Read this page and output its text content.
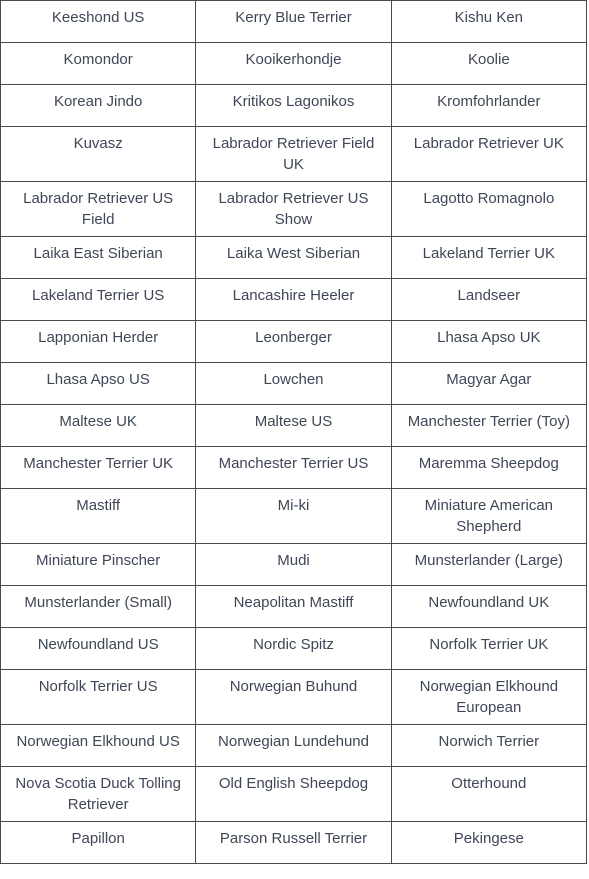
Keeshond US	Kerry Blue Terrier	Kishu Ken
Komondor	Kooikerhondje	Koolie
Korean Jindo	Kritikos Lagonikos	Kromfohrlander
Kuvasz	Labrador Retriever Field UK	Labrador Retriever UK
Labrador Retriever US Field	Labrador Retriever US Show	Lagotto Romagnolo
Laika East Siberian	Laika West Siberian	Lakeland Terrier UK
Lakeland Terrier US	Lancashire Heeler	Landseer
Lapponian Herder	Leonberger	Lhasa Apso UK
Lhasa Apso US	Lowchen	Magyar Agar
Maltese UK	Maltese US	Manchester Terrier (Toy)
Manchester Terrier UK	Manchester Terrier US	Maremma Sheepdog
Mastiff	Mi-ki	Miniature American Shepherd
Miniature Pinscher	Mudi	Munsterlander (Large)
Munsterlander (Small)	Neapolitan Mastiff	Newfoundland UK
Newfoundland US	Nordic Spitz	Norfolk Terrier UK
Norfolk Terrier US	Norwegian Buhund	Norwegian Elkhound European
Norwegian Elkhound US	Norwegian Lundehund	Norwich Terrier
Nova Scotia Duck Tolling Retriever	Old English Sheepdog	Otterhound
Papillon	Parson Russell Terrier	Pekingese
